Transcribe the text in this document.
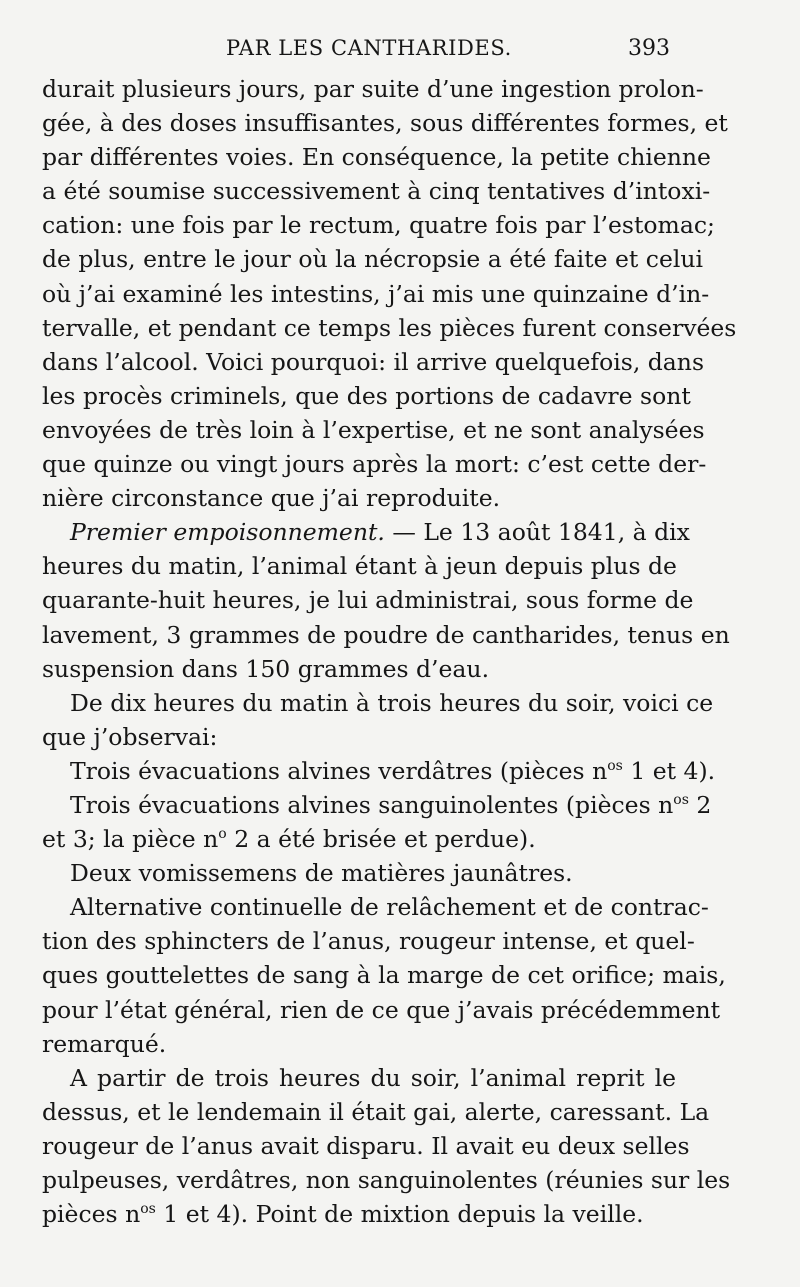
PAR LES CANTHARIDES.	393
durait plusieurs jours, par suite d’une ingestion prolon-
gée, à des doses insuffisantes, sous différentes formes, et
par différentes voies. En conséquence, la petite chienne
a été soumise successivement à cinq tentatives d’intoxi-
cation: une fois par le rectum, quatre fois par l’estomac;
de plus, entre le jour où la nécropsie a été faite et celui
où j’ai examiné les intestins, j’ai mis une quinzaine d’in-
tervalle, et pendant ce temps les pièces furent conservées
dans l’alcool. Voici pourquoi: il arrive quelquefois, dans
les procès criminels, que des portions de cadavre sont
envoyées de très loin à l’expertise, et ne sont analysées
que quinze ou vingt jours après la mort: c’est cette der-
nière circonstance que j’ai reproduite.
Premier empoisonnement. — Le 13 août 1841, à dix
heures du matin, l’animal étant à jeun depuis plus de
quarante-huit heures, je lui administrai, sous forme de
lavement, 3 grammes de poudre de cantharides, tenus en
suspension dans 150 grammes d’eau.
De dix heures du matin à trois heures du soir, voici ce
que j’observai:
Trois évacuations alvines verdâtres (pièces $n^{os}$ 1 et 4).
Trois évacuations alvines sanguinolentes (pièces $n^{os}$ 2
et 3; la pièce $n^o$ 2 a été brisée et perdue).
Deux vomissemens de matières jaunâtres.
Alternative continuelle de relâchement et de contrac-
tion des sphincters de l’anus, rougeur intense, et quel-
ques gouttelettes de sang à la marge de cet orifice; mais,
pour l’état général, rien de ce que j’avais précédemment
remarqué.
A partir de trois heures du soir, l’animal reprit le
dessus, et le lendemain il était gai, alerte, caressant. La
rougeur de l’anus avait disparu. Il avait eu deux selles
pulpeuses, verdâtres, non sanguinolentes (réunies sur les
pièces $n^{os}$ 1 et 4). Point de mixtion depuis la veille.
